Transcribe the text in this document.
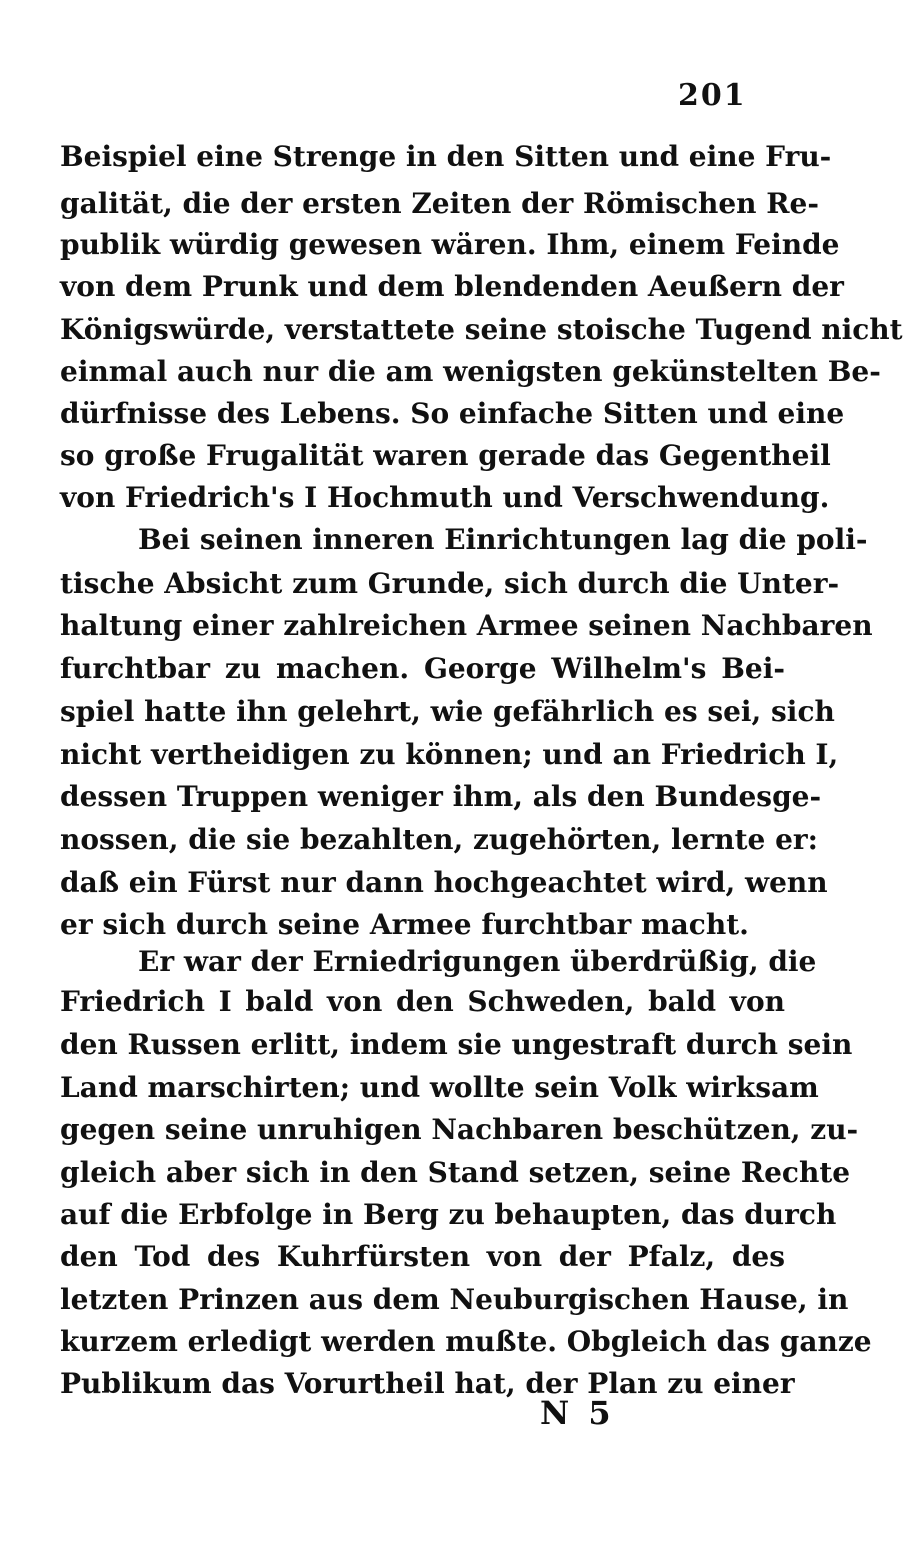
201
Beispiel eine Strenge in den Sitten und eine Fru-
galität, die der ersten Zeiten der Römischen Re-
publik würdig gewesen wären. Ihm, einem Feinde
von dem Prunk und dem blendenden Aeußern der
Königswürde, verstattete seine stoische Tugend nicht
einmal auch nur die am wenigsten gekünstelten Be-
dürfnisse des Lebens. So einfache Sitten und eine
so große Frugalität waren gerade das Gegentheil
von Friedrich's I Hochmuth und Verschwendung.
Bei seinen inneren Einrichtungen lag die poli-
tische Absicht zum Grunde, sich durch die Unter-
haltung einer zahlreichen Armee seinen Nachbaren
furchtbar zu machen. George Wilhelm's Bei-
spiel hatte ihn gelehrt, wie gefährlich es sei, sich
nicht vertheidigen zu können; und an Friedrich I,
dessen Truppen weniger ihm, als den Bundesge-
nossen, die sie bezahlten, zugehörten, lernte er:
daß ein Fürst nur dann hochgeachtet wird, wenn
er sich durch seine Armee furchtbar macht.
Er war der Erniedrigungen überdrüßig, die
Friedrich I bald von den Schweden, bald von
den Russen erlitt, indem sie ungestraft durch sein
Land marschirten; und wollte sein Volk wirksam
gegen seine unruhigen Nachbaren beschützen, zu-
gleich aber sich in den Stand setzen, seine Rechte
auf die Erbfolge in Berg zu behaupten, das durch
den Tod des Kuhrfürsten von der Pfalz, des
letzten Prinzen aus dem Neuburgischen Hause, in
kurzem erledigt werden mußte. Obgleich das ganze
Publikum das Vorurtheil hat, der Plan zu einer
N 5
